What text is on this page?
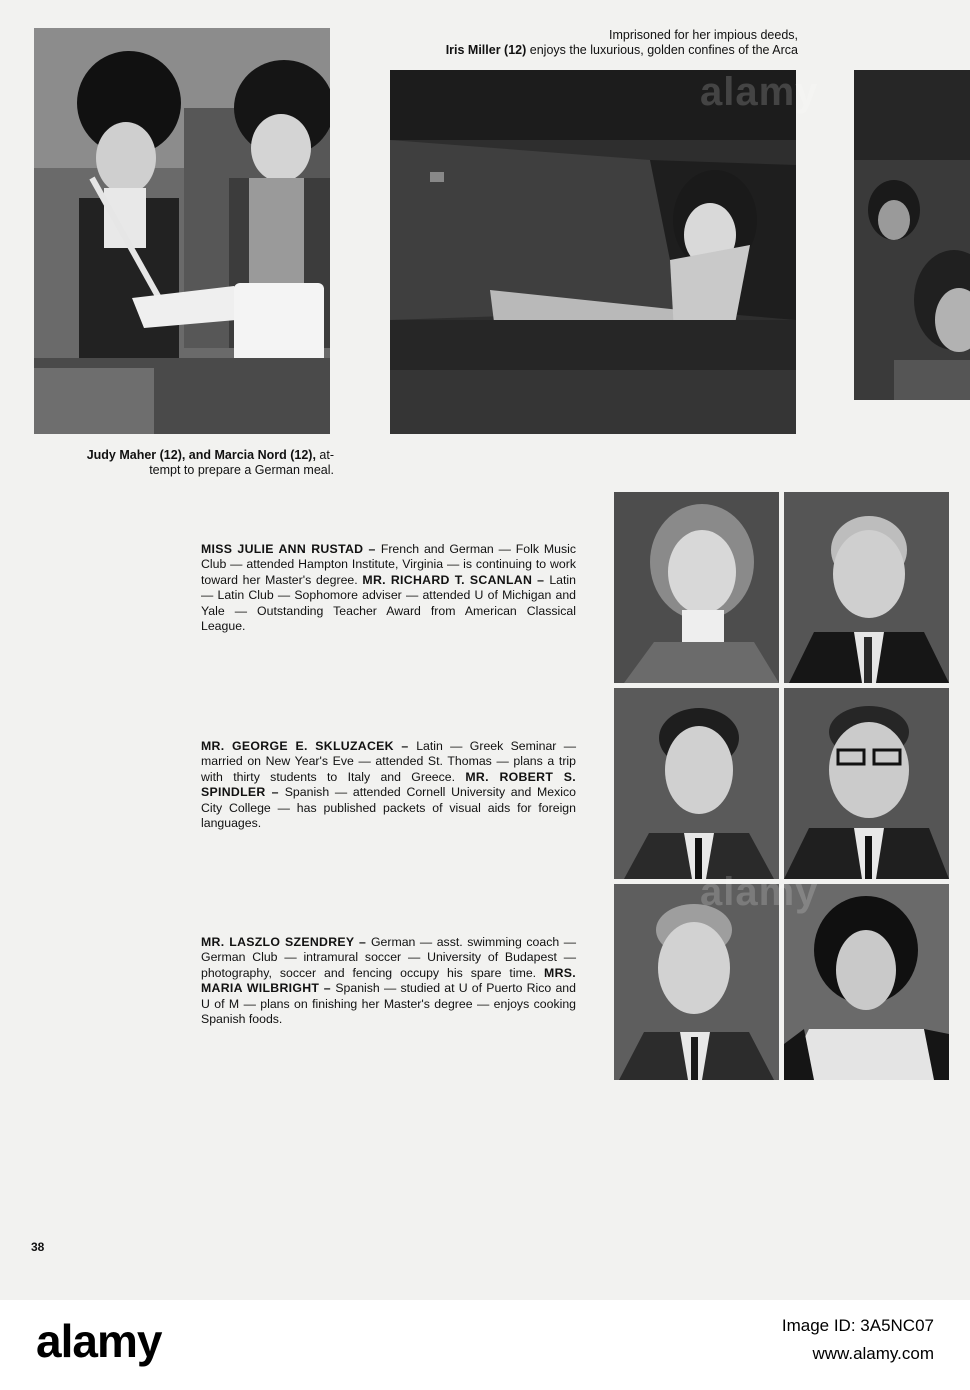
Judy Maher (12), and Marcia Nord (12), at-
tempt to prepare a German meal.
Imprisoned for her impious deeds,
Iris Miller (12) enjoys the luxurious, golden confines of the Arca
MISS JULIE ANN RUSTAD – French and German — Folk Music Club — attended Hampton Institute, Virginia — is continuing to work toward her Master's degree. MR. RICHARD T. SCANLAN – Latin — Latin Club — Sophomore adviser — attended U of Michigan and Yale — Outstanding Teacher Award from American Classical League.
MR. GEORGE E. SKLUZACEK – Latin — Greek Seminar — married on New Year's Eve — attended St. Thomas — plans a trip with thirty students to Italy and Greece. MR. ROBERT S. SPINDLER – Spanish — attended Cornell University and Mexico City College — has published packets of visual aids for foreign languages.
MR. LASZLO SZENDREY – German — asst. swimming coach — German Club — intramural soccer — University of Budapest — photography, soccer and fencing occupy his spare time. MRS. MARIA WILBRIGHT – Spanish — studied at U of Puerto Rico and U of M — plans on finishing her Master's degree — enjoys cooking Spanish foods.
alamy
alamy
38
alamy	Image ID: 3A5NC07
www.alamy.com
